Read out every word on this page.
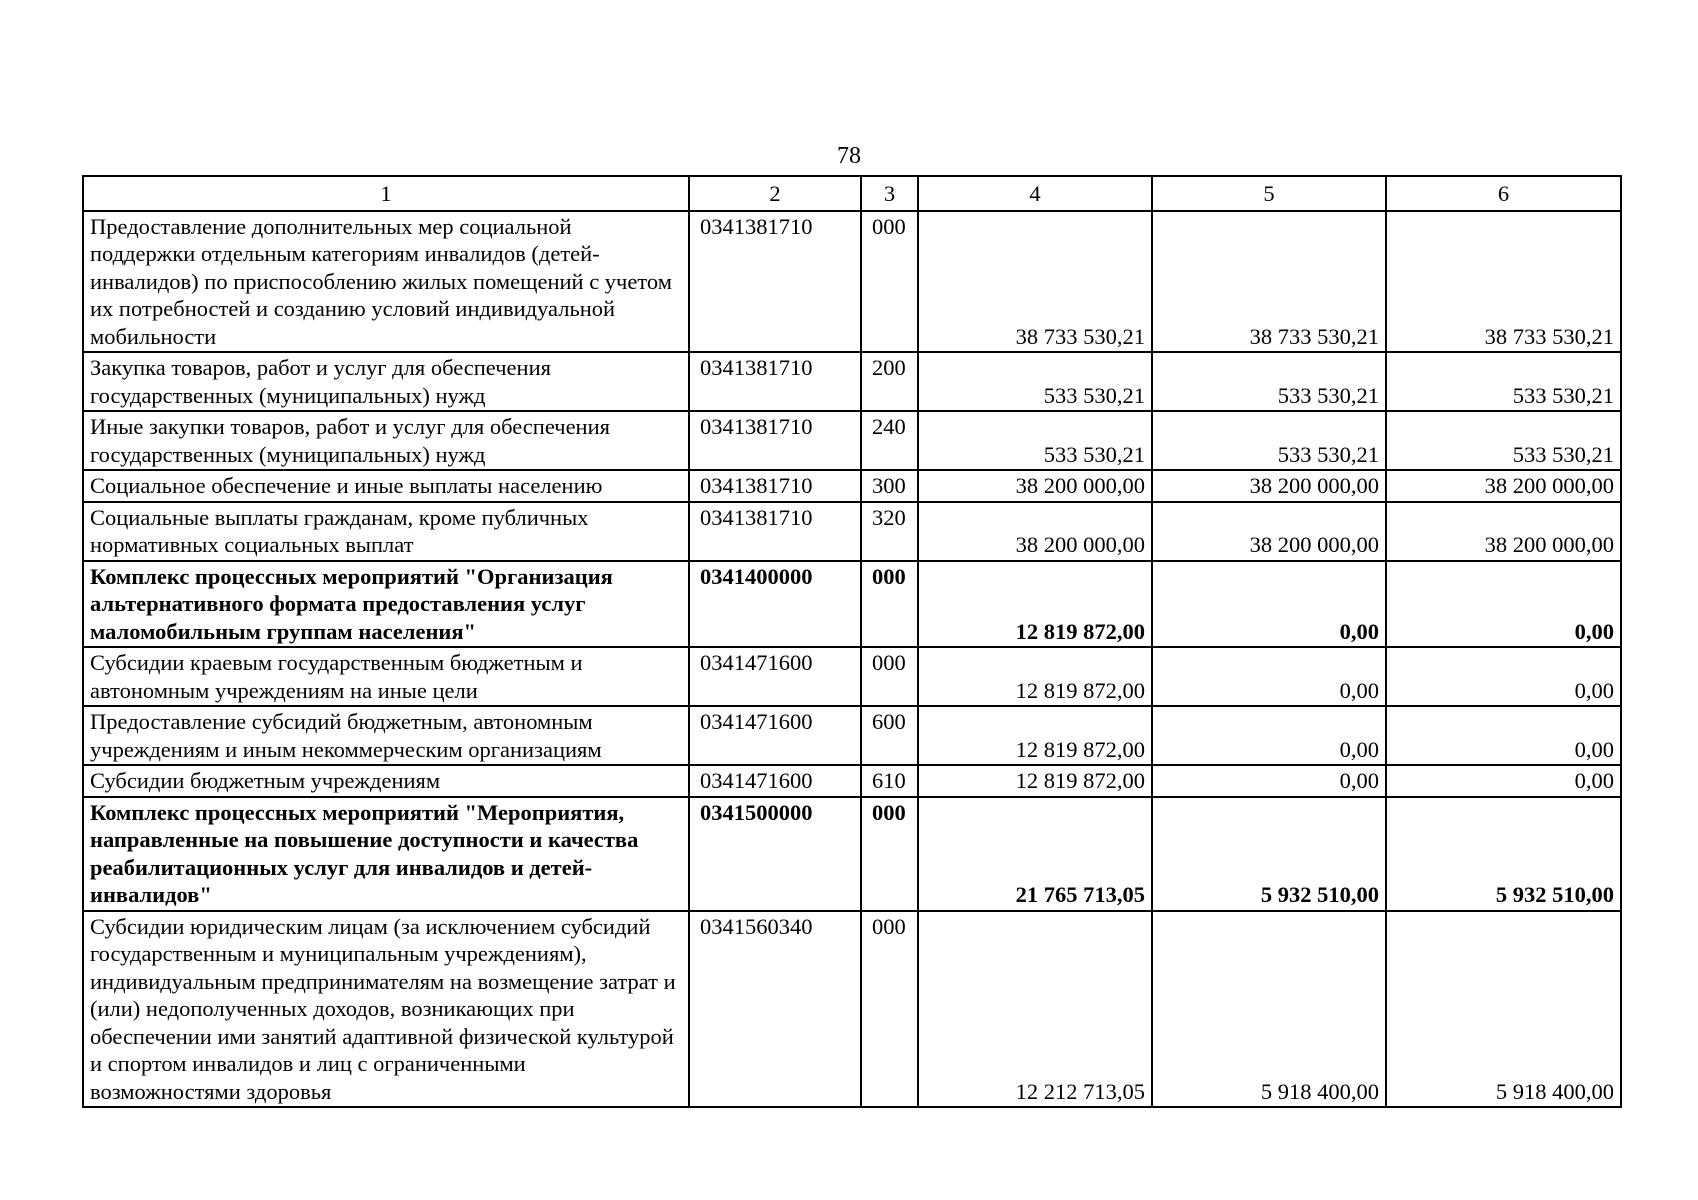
78
1	2	3	4	5	6
Предоставление дополнительных мер социальной поддержки отдельным категориям инвалидов (детей-инвалидов) по приспособлению жилых помещений с учетом их потребностей и созданию условий индивидуальной мобильности	0341381710	000	38 733 530,21	38 733 530,21	38 733 530,21
Закупка товаров, работ и услуг для обеспечения государственных (муниципальных) нужд	0341381710	200	533 530,21	533 530,21	533 530,21
Иные закупки товаров, работ и услуг для обеспечения государственных (муниципальных) нужд	0341381710	240	533 530,21	533 530,21	533 530,21
Социальное обеспечение и иные выплаты населению	0341381710	300	38 200 000,00	38 200 000,00	38 200 000,00
Социальные выплаты гражданам, кроме публичных нормативных социальных выплат	0341381710	320	38 200 000,00	38 200 000,00	38 200 000,00
Комплекс процессных мероприятий "Организация альтернативного формата предоставления услуг маломобильным группам населения"	0341400000	000	12 819 872,00	0,00	0,00
Субсидии краевым государственным бюджетным и автономным учреждениям на иные цели	0341471600	000	12 819 872,00	0,00	0,00
Предоставление субсидий бюджетным, автономным учреждениям и иным некоммерческим организациям	0341471600	600	12 819 872,00	0,00	0,00
Субсидии бюджетным учреждениям	0341471600	610	12 819 872,00	0,00	0,00
Комплекс процессных мероприятий "Мероприятия, направленные на повышение доступности и качества реабилитационных услуг для инвалидов и детей-инвалидов"	0341500000	000	21 765 713,05	5 932 510,00	5 932 510,00
Субсидии юридическим лицам (за исключением субсидий государственным и муниципальным учреждениям), индивидуальным предпринимателям на возмещение затрат и (или) недополученных доходов, возникающих при обеспечении ими занятий адаптивной физической культурой и спортом инвалидов и лиц с ограниченными возможностями здоровья	0341560340	000	12 212 713,05	5 918 400,00	5 918 400,00
